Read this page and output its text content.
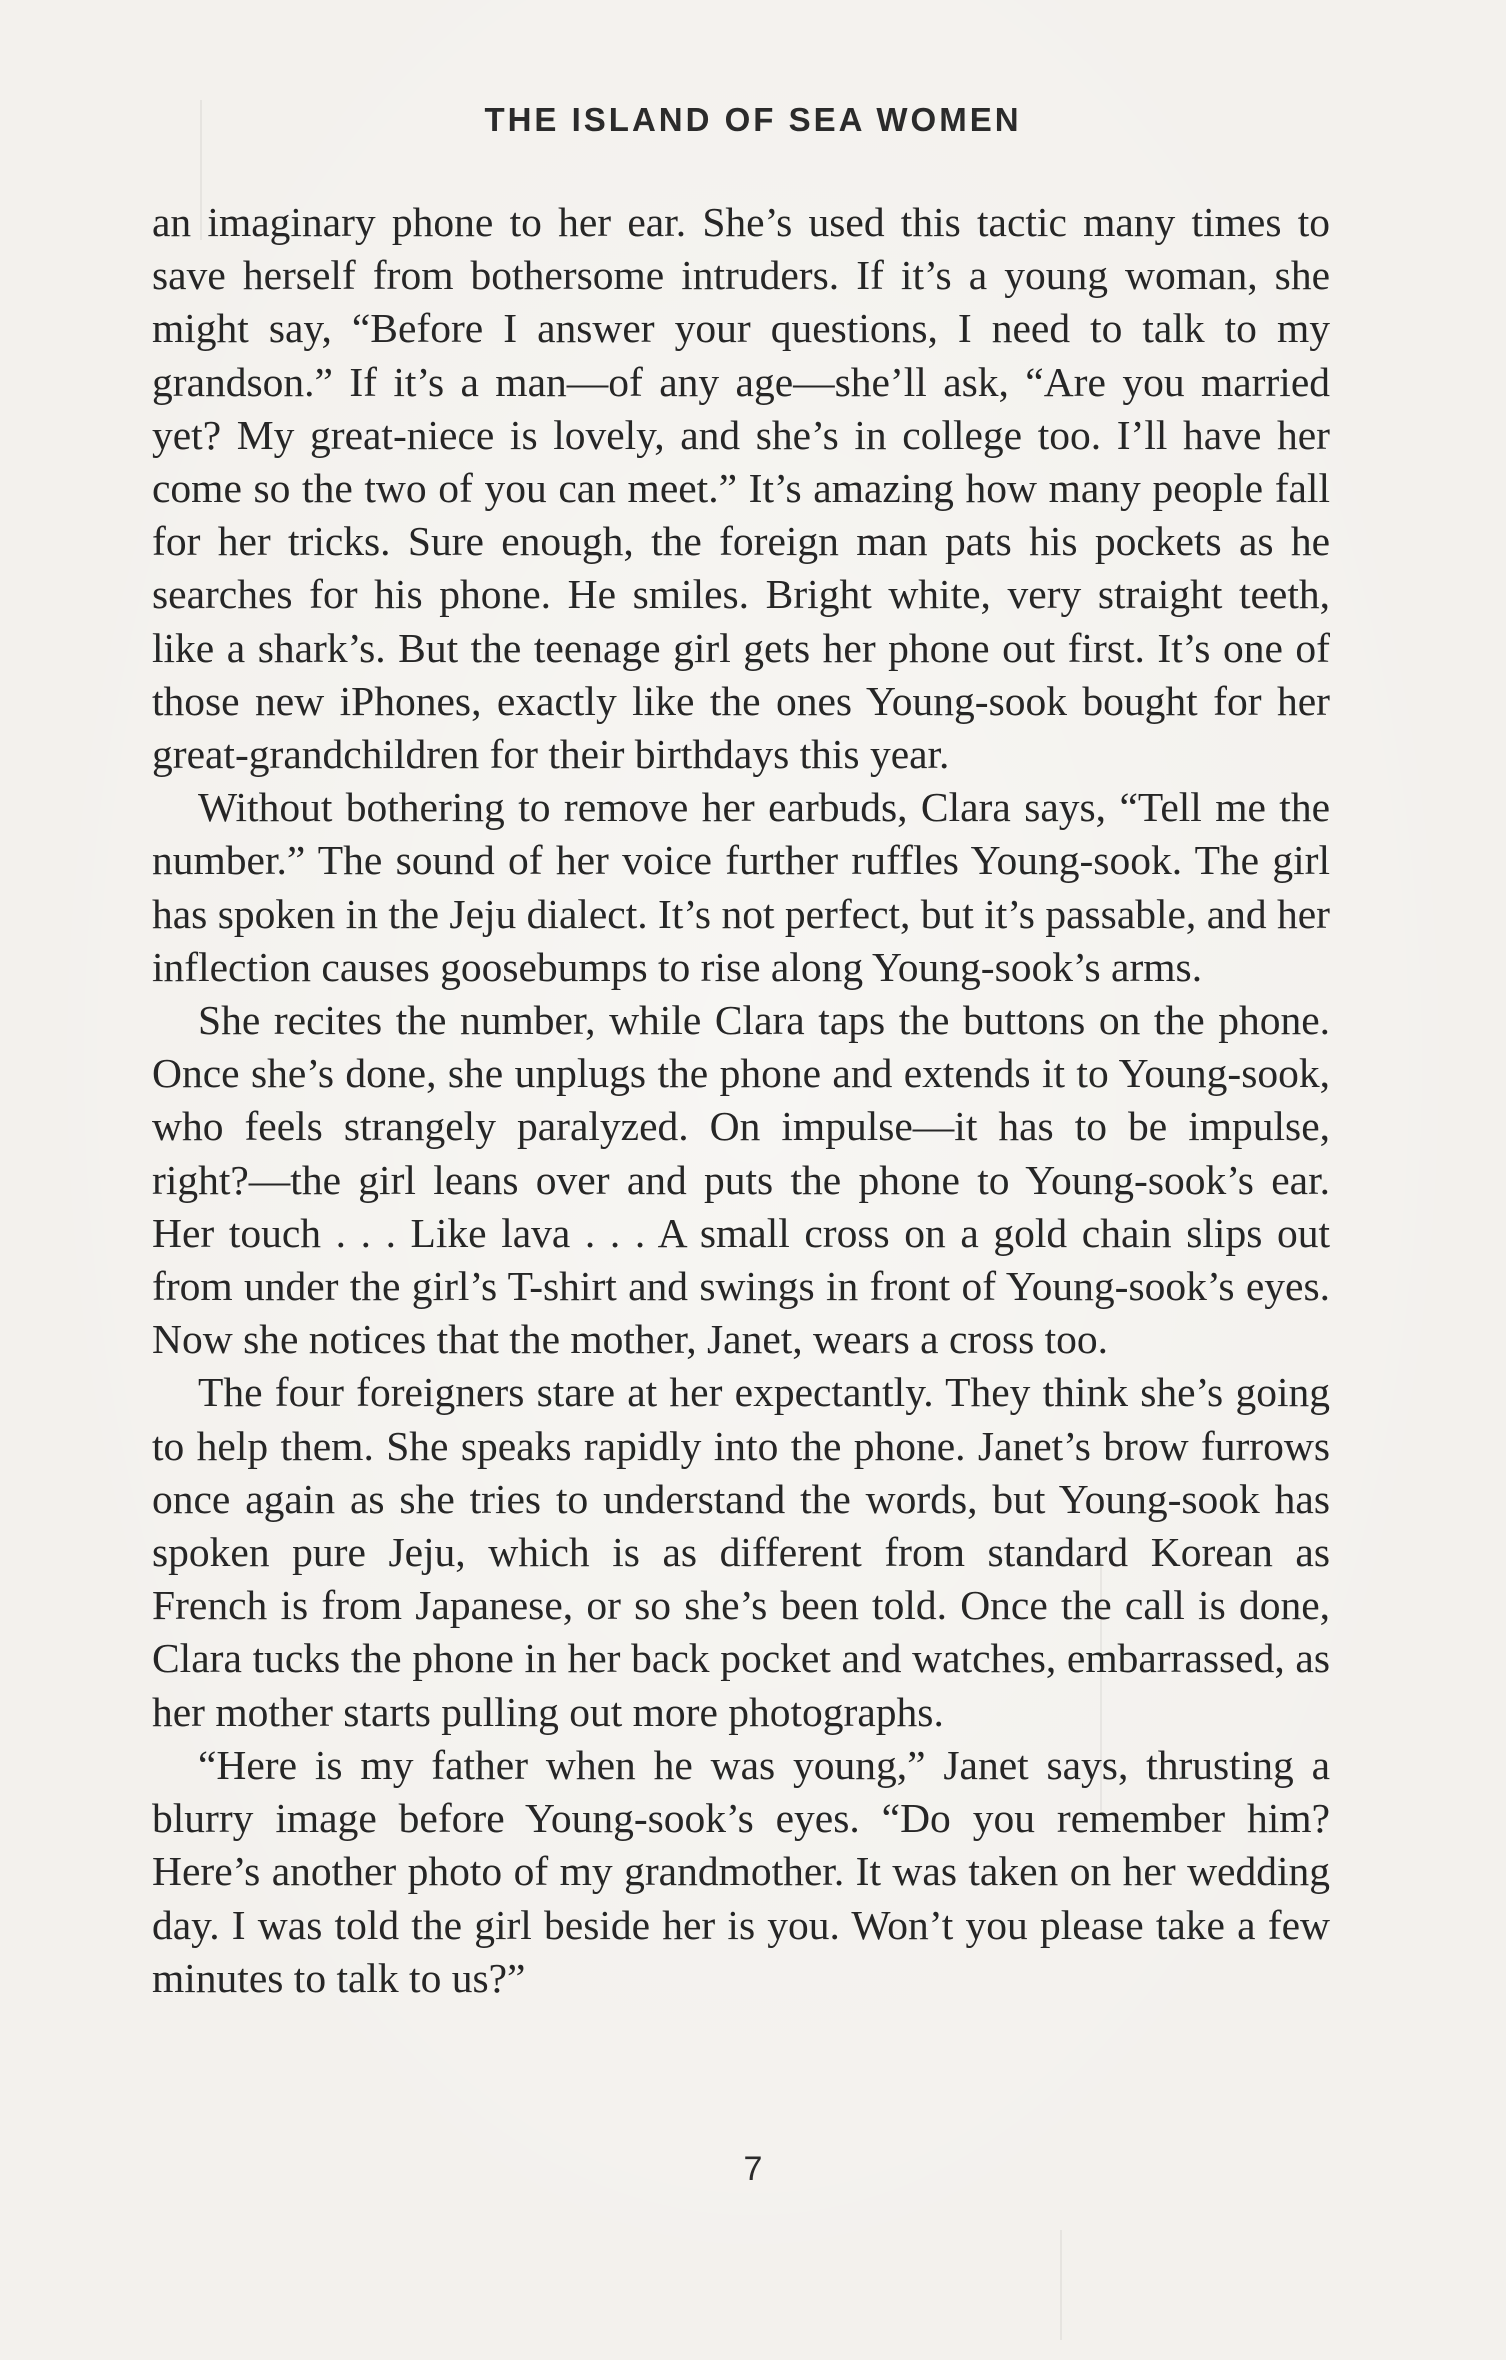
THE ISLAND OF SEA WOMEN

an imaginary phone to her ear. She’s used this tactic many times to save herself from bothersome intruders. If it’s a young woman, she might say, “Before I answer your questions, I need to talk to my grandson.” If it’s a man—of any age—she’ll ask, “Are you married yet? My great-niece is lovely, and she’s in college too. I’ll have her come so the two of you can meet.” It’s amazing how many people fall for her tricks. Sure enough, the foreign man pats his pockets as he searches for his phone. He smiles. Bright white, very straight teeth, like a shark’s. But the teenage girl gets her phone out first. It’s one of those new iPhones, exactly like the ones Young-sook bought for her great-grandchildren for their birthdays this year.

Without bothering to remove her earbuds, Clara says, “Tell me the number.” The sound of her voice further ruffles Young-sook. The girl has spoken in the Jeju dialect. It’s not perfect, but it’s passable, and her inflection causes goosebumps to rise along Young-sook’s arms.

She recites the number, while Clara taps the buttons on the phone. Once she’s done, she unplugs the phone and extends it to Young-sook, who feels strangely paralyzed. On impulse—it has to be impulse, right?—the girl leans over and puts the phone to Young-sook’s ear. Her touch . . . Like lava . . . A small cross on a gold chain slips out from under the girl’s T-shirt and swings in front of Young-sook’s eyes. Now she notices that the mother, Janet, wears a cross too.

The four foreigners stare at her expectantly. They think she’s going to help them. She speaks rapidly into the phone. Janet’s brow furrows once again as she tries to understand the words, but Young-sook has spoken pure Jeju, which is as different from standard Korean as French is from Japanese, or so she’s been told. Once the call is done, Clara tucks the phone in her back pocket and watches, embarrassed, as her mother starts pulling out more photographs.

“Here is my father when he was young,” Janet says, thrusting a blurry image before Young-sook’s eyes. “Do you remember him? Here’s another photo of my grandmother. It was taken on her wedding day. I was told the girl beside her is you. Won’t you please take a few minutes to talk to us?”

7
